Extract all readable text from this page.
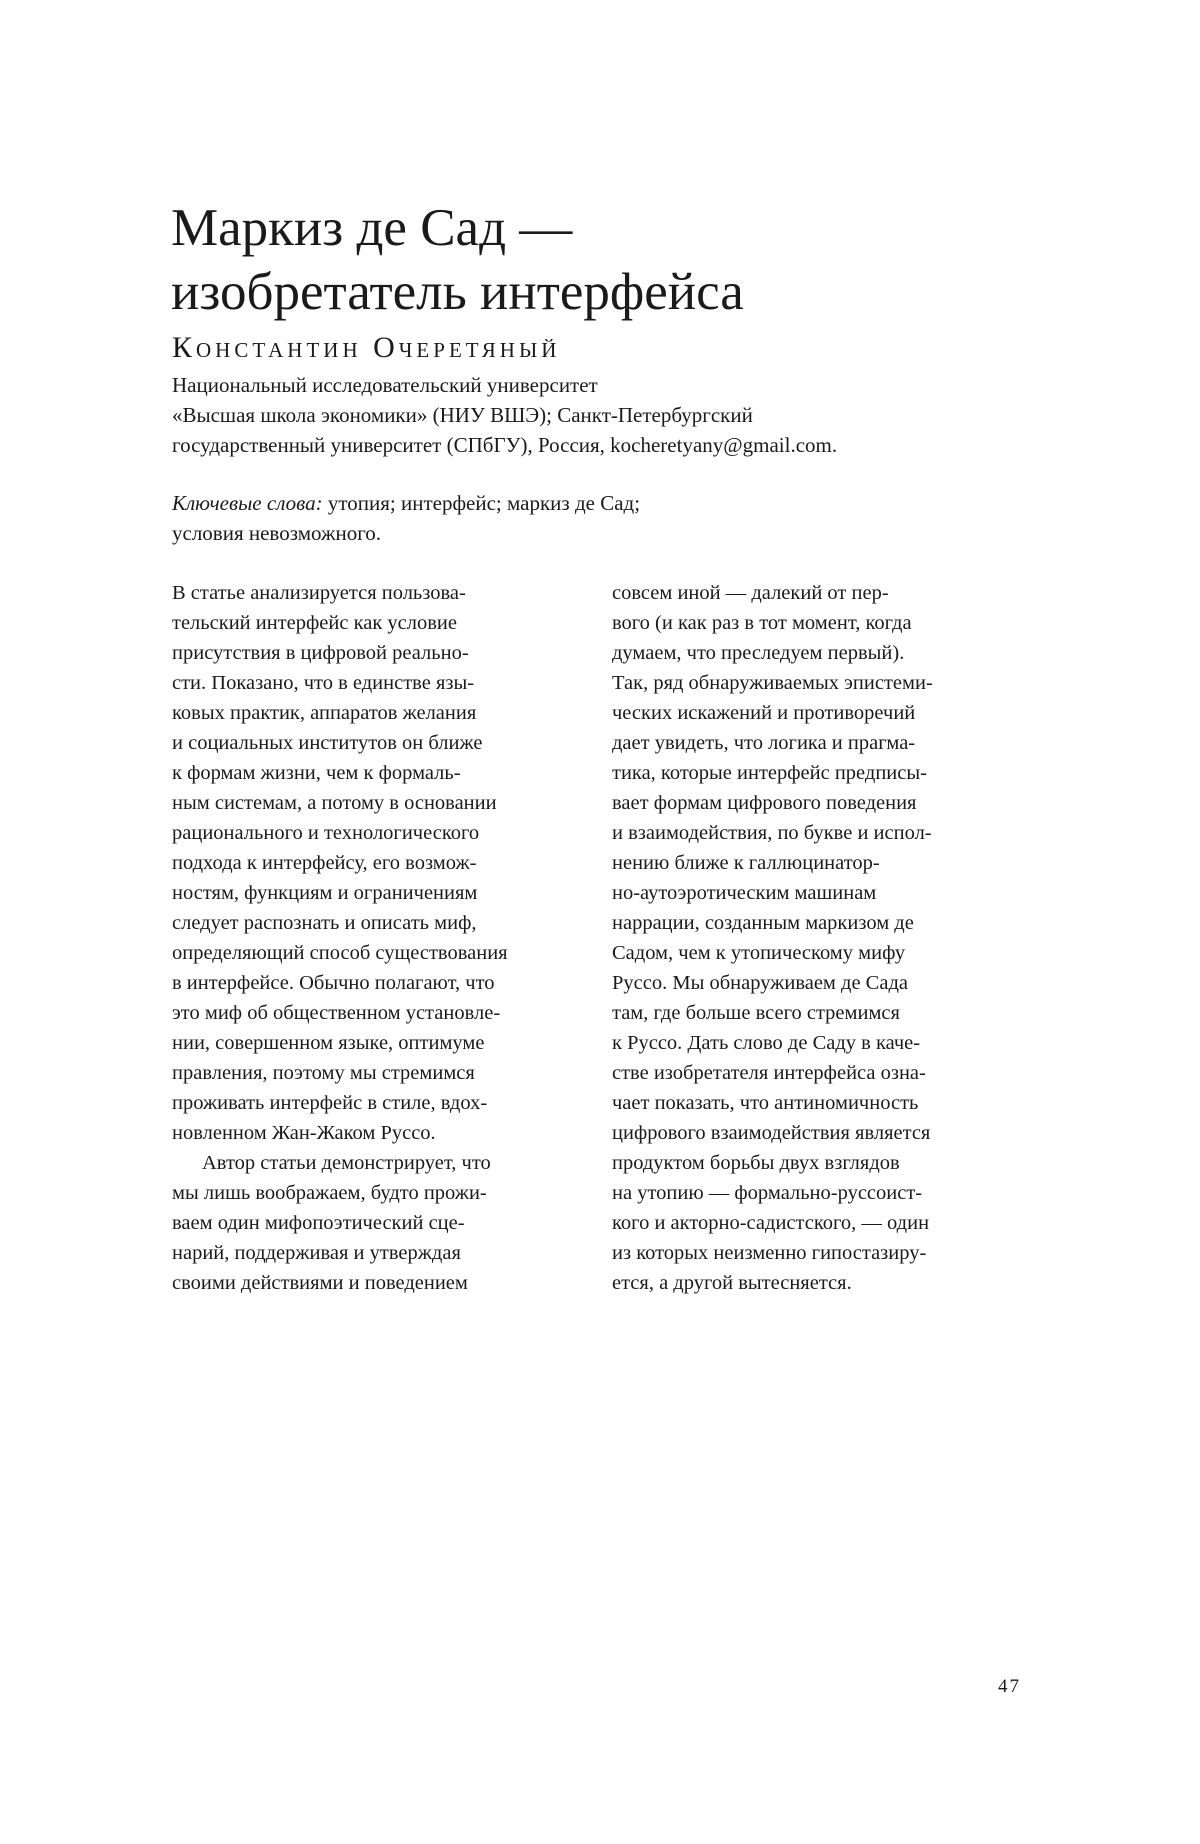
Маркиз де Сад —
изобретатель интерфейса
Константин Очеретяный
Национальный исследовательский университет
«Высшая школа экономики» (НИУ ВШЭ); Санкт-Петербургский
государственный университет (СПбГУ), Россия, kocheretyany@gmail.com.
Ключевые слова: утопия; интерфейс; маркиз де Сад;
условия невозможного.
В статье анализируется пользова-
тельский интерфейс как условие
присутствия в цифровой реально-
сти. Показано, что в единстве язы-
ковых практик, аппаратов желания
и социальных институтов он ближе
к формам жизни, чем к формаль-
ным системам, а потому в основании
рационального и технологического
подхода к интерфейсу, его возмож-
ностям, функциям и ограничениям
следует распознать и описать миф,
определяющий способ существования
в интерфейсе. Обычно полагают, что
это миф об общественном установле-
нии, совершенном языке, оптимуме
правления, поэтому мы стремимся
проживать интерфейс в стиле, вдох-
новленном Жан-Жаком Руссо.
Автор статьи демонстрирует, что
мы лишь воображаем, будто прожи-
ваем один мифопоэтический сце-
нарий, поддерживая и утверждая
своими действиями и поведением
совсем иной — далекий от пер-
вого (и как раз в тот момент, когда
думаем, что преследуем первый).
Так, ряд обнаруживаемых эпистеми-
ческих искажений и противоречий
дает увидеть, что логика и прагма-
тика, которые интерфейс предписы-
вает формам цифрового поведения
и взаимодействия, по букве и испол-
нению ближе к галлюцинатор-
но-аутоэротическим машинам
наррации, созданным маркизом де
Садом, чем к утопическому мифу
Руссо. Мы обнаруживаем де Сада
там, где больше всего стремимся
к Руссо. Дать слово де Саду в каче-
стве изобретателя интерфейса озна-
чает показать, что антиномичность
цифрового взаимодействия является
продуктом борьбы двух взглядов
на утопию — формально-руссоист-
кого и акторно-садистского, — один
из которых неизменно гипостазиру-
ется, а другой вытесняется.
47
